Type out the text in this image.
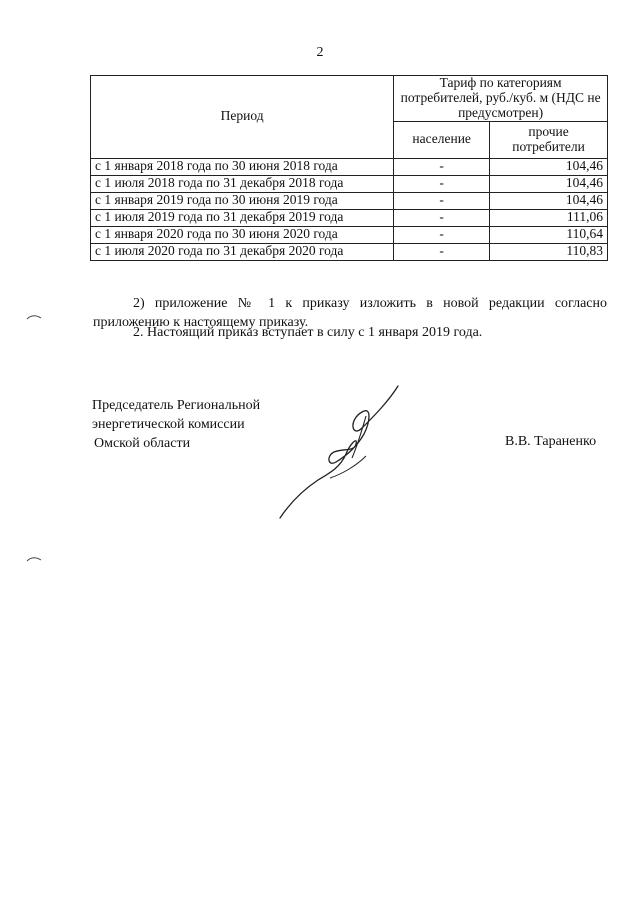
2
Период	Тариф по категориям потребителей, руб./куб. м (НДС не предусмотрен)	
	население	прочие потребители
с 1 января 2018 года по 30 июня 2018 года	-	104,46
с 1 июля 2018 года по 31 декабря 2018 года	-	104,46
с 1 января 2019 года по 30 июня 2019 года	-	104,46
с 1 июля 2019 года по 31 декабря 2019 года	-	111,06
с 1 января 2020 года по 30 июня 2020 года	-	110,64
с 1 июля 2020 года по 31 декабря 2020 года	-	110,83
2) приложение № 1 к приказу изложить в новой редакции согласно приложению к настоящему приказу.
2. Настоящий приказ вступает в силу с 1 января 2019 года.
Председатель Региональной
энергетической комиссии
Омской области	В.В. Тараненко
